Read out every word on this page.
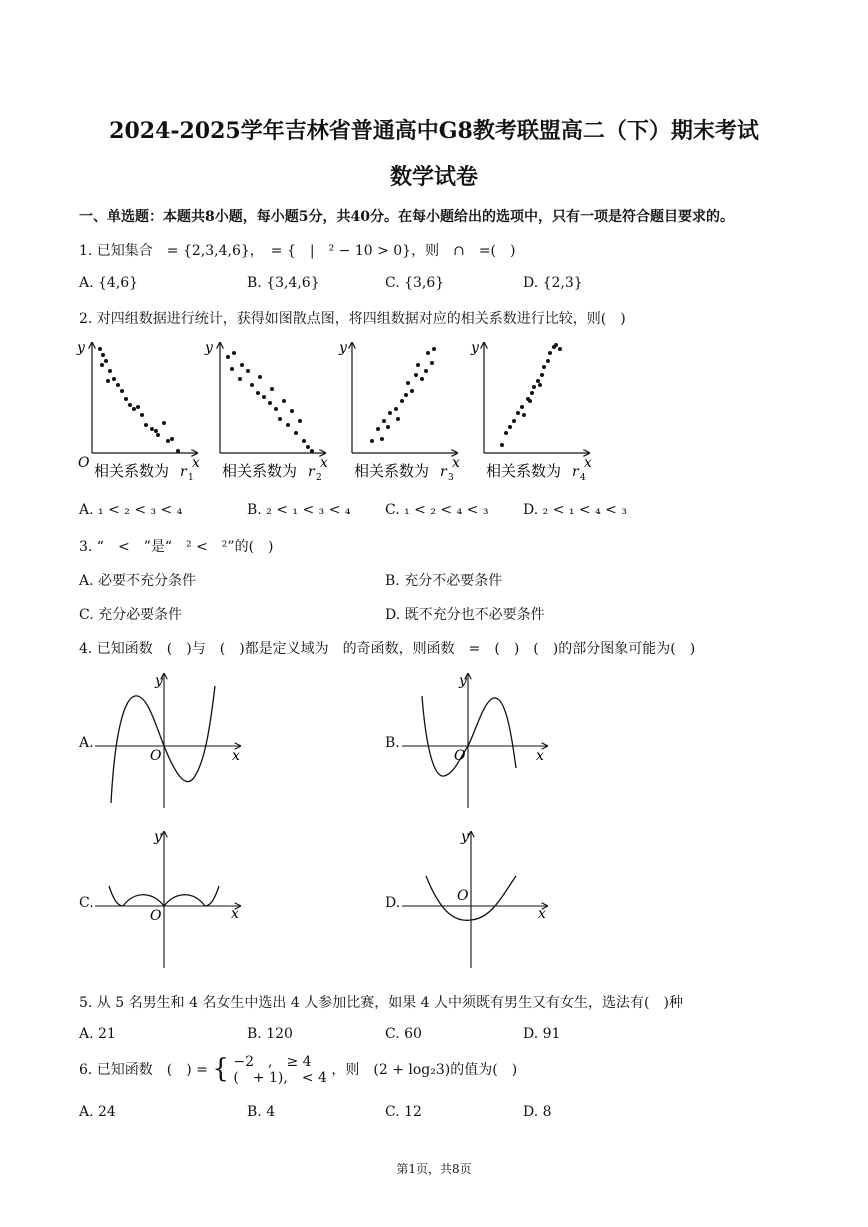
2024-2025学年吉林省普通高中G8教考联盟高二（下）期末考试
数学试卷
一、单选题：本题共8小题，每小题5分，共40分。在每小题给出的选项中，只有一项是符合题目要求的。
1. 已知集合　= {2,3,4,6}，　= {　|　² − 10 > 0}，则　∩　=(　)
A. {4,6}	B. {3,4,6}	C. {3,6}	D. {2,3}
2. 对四组数据进行统计，获得如图散点图，将四组数据对应的相关系数进行比较，则(　)
y
x
O 相关系数为 r 1
y
x
相关系数为 r 2
y
x
相关系数为 r 3
y
x
相关系数为 r 4
A. ₁ < ₂ < ₃ < ₄	B. ₂ < ₁ < ₃ < ₄ C. ₁ < ₂ < ₄ < ₃ D. ₂ < ₁ < ₄ < ₃
3. “　<　”是“　² <　²”的(　)
A. 必要不充分条件	B. 充分不必要条件
C. 充分必要条件	D. 既不充分也不必要条件
4. 已知函数　(　)与　(　)都是定义域为　的奇函数，则函数　=　(　)　(　)的部分图象可能为(　)
A.	B.
C.	D.
y
x
O
y
x
O
y
x
O
y
x
O
5. 从 5 名男生和 4 名女生中选出 4 人参加比赛，如果 4 人中须既有男生又有女生，选法有(　)种
A. 21	B. 120	C. 60	D. 91
6. 已知函数　(　) = { −2　,　≥ 4
(　+ 1),　< 4
，则　(2 + log₂3)的值为(　)
A. 24	B. 4	C. 12	D. 8
第1页，共8页
